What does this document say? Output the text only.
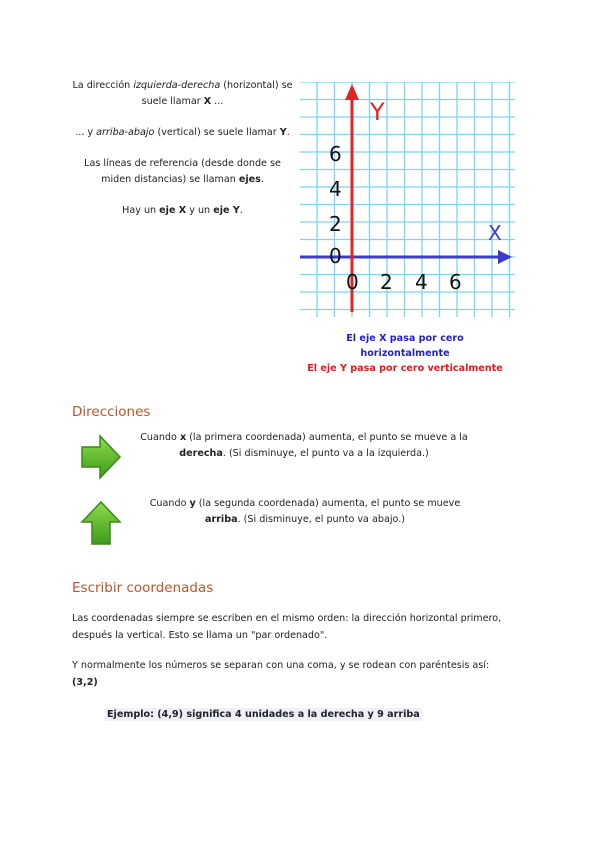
La dirección izquierda-derecha (horizontal) se suele llamar X ...

... y arriba-abajo (vertical) se suele llamar Y.

Las líneas de referencia (desde donde se miden distancias) se llaman ejes.

Hay un eje X y un eje Y.

Y
X
6
4
2
0
0 2 4 6
El eje X pasa por cero horizontalmente
El eje Y pasa por cero verticalmente
Direcciones
Cuando x (la primera coordenada) aumenta, el punto se mueve a la derecha. (Si disminuye, el punto va a la izquierda.)
Cuando y (la segunda coordenada) aumenta, el punto se mueve arriba. (Si disminuye, el punto va abajo.)
Escribir coordenadas
Las coordenadas siempre se escriben en el mismo orden: la dirección horizontal primero, después la vertical. Esto se llama un "par ordenado".
Y normalmente los números se separan con una coma, y se rodean con paréntesis así:
(3,2)
Ejemplo: (4,9) significa 4 unidades a la derecha y 9 arriba
